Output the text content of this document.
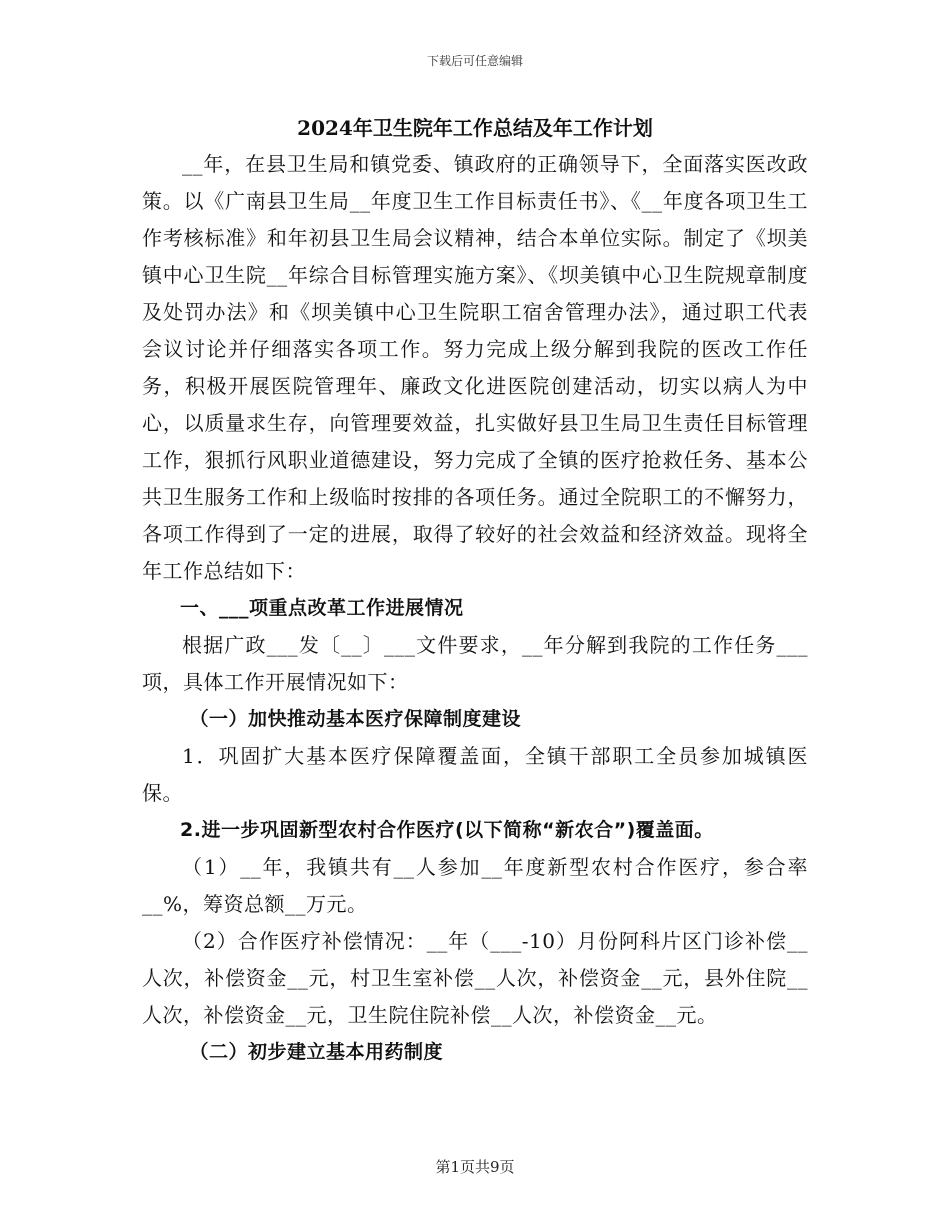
下载后可任意编辑
2024年卫生院年工作总结及年工作计划

__年，在县卫生局和镇党委、镇政府的正确领导下，全面落实医改政策。以《广南县卫生局__年度卫生工作目标责任书》、《__年度各项卫生工作考核标准》和年初县卫生局会议精神，结合本单位实际。制定了《坝美镇中心卫生院__年综合目标管理实施方案》、《坝美镇中心卫生院规章制度及处罚办法》和《坝美镇中心卫生院职工宿舍管理办法》，通过职工代表会议讨论并仔细落实各项工作。努力完成上级分解到我院的医改工作任务，积极开展医院管理年、廉政文化进医院创建活动，切实以病人为中心，以质量求生存，向管理要效益，扎实做好县卫生局卫生责任目标管理工作，狠抓行风职业道德建设，努力完成了全镇的医疗抢救任务、基本公共卫生服务工作和上级临时按排的各项任务。通过全院职工的不懈努力，各项工作得到了一定的进展，取得了较好的社会效益和经济效益。现将全年工作总结如下：

一、___项重点改革工作进展情况

根据广政___发〔__〕___文件要求，__年分解到我院的工作任务___项，具体工作开展情况如下：

（一）加快推动基本医疗保障制度建设

1．巩固扩大基本医疗保障覆盖面，全镇干部职工全员参加城镇医保。

2.进一步巩固新型农村合作医疗(以下简称“新农合”)覆盖面。

（1）__年，我镇共有__人参加__年度新型农村合作医疗，参合率__%，筹资总额__万元。

（2）合作医疗补偿情况：__年（___-10）月份阿科片区门诊补偿__人次，补偿资金__元，村卫生室补偿__人次，补偿资金__元，县外住院__人次，补偿资金__元，卫生院住院补偿__人次，补偿资金__元。

（二）初步建立基本用药制度

第1页共9页
